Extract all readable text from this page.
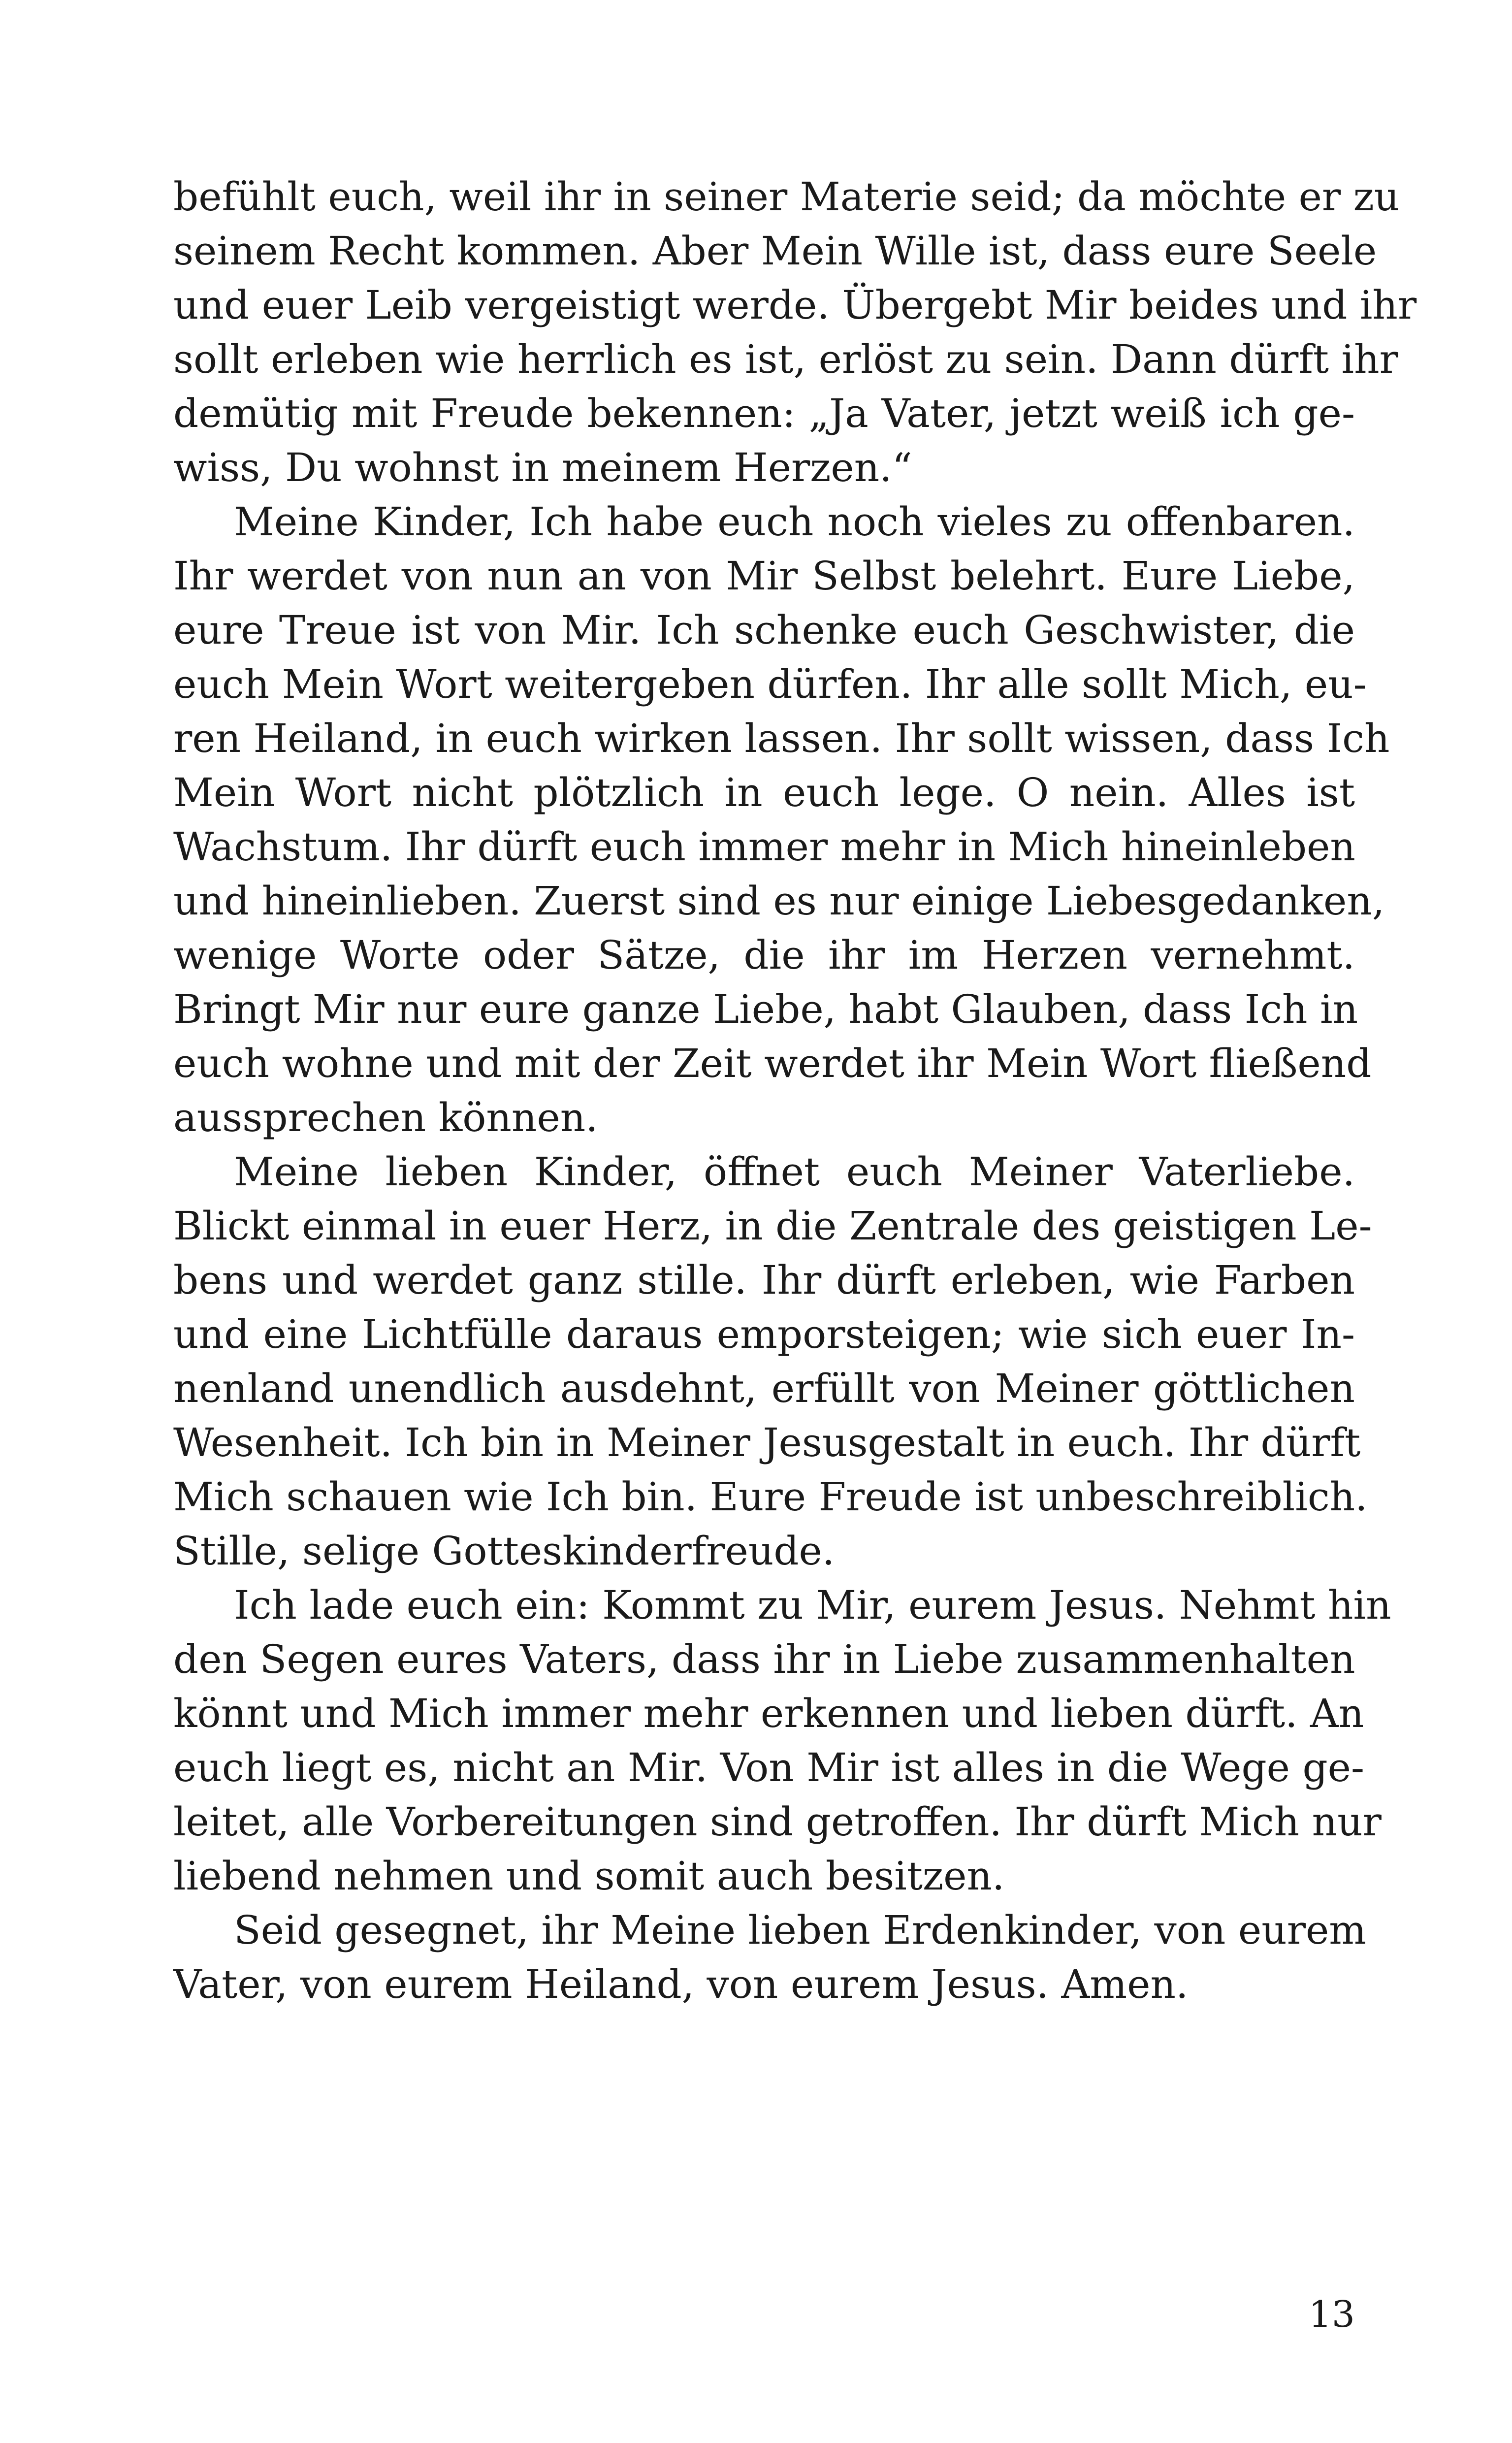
befühlt euch, weil ihr in seiner Materie seid; da möchte er zu
seinem Recht kommen. Aber Mein Wille ist, dass eure Seele
und euer Leib vergeistigt werde. Übergebt Mir beides und ihr
sollt erleben wie herrlich es ist, erlöst zu sein. Dann dürft ihr
demütig mit Freude bekennen: „Ja Vater, jetzt weiß ich ge-
wiss, Du wohnst in meinem Herzen.“
Meine Kinder, Ich habe euch noch vieles zu offenbaren.
Ihr werdet von nun an von Mir Selbst belehrt. Eure Liebe,
eure Treue ist von Mir. Ich schenke euch Geschwister, die
euch Mein Wort weitergeben dürfen. Ihr alle sollt Mich, eu-
ren Heiland, in euch wirken lassen. Ihr sollt wissen, dass Ich
Mein Wort nicht plötzlich in euch lege. O nein. Alles ist
Wachstum. Ihr dürft euch immer mehr in Mich hineinleben
und hineinlieben. Zuerst sind es nur einige Liebesgedanken,
wenige Worte oder Sätze, die ihr im Herzen vernehmt.
Bringt Mir nur eure ganze Liebe, habt Glauben, dass Ich in
euch wohne und mit der Zeit werdet ihr Mein Wort fließend
aussprechen können.
Meine lieben Kinder, öffnet euch Meiner Vaterliebe.
Blickt einmal in euer Herz, in die Zentrale des geistigen Le-
bens und werdet ganz stille. Ihr dürft erleben, wie Farben
und eine Lichtfülle daraus emporsteigen; wie sich euer In-
nenland unendlich ausdehnt, erfüllt von Meiner göttlichen
Wesenheit. Ich bin in Meiner Jesusgestalt in euch. Ihr dürft
Mich schauen wie Ich bin. Eure Freude ist unbeschreiblich.
Stille, selige Gotteskinderfreude.
Ich lade euch ein: Kommt zu Mir, eurem Jesus. Nehmt hin
den Segen eures Vaters, dass ihr in Liebe zusammenhalten
könnt und Mich immer mehr erkennen und lieben dürft. An
euch liegt es, nicht an Mir. Von Mir ist alles in die Wege ge-
leitet, alle Vorbereitungen sind getroffen. Ihr dürft Mich nur
liebend nehmen und somit auch besitzen.
Seid gesegnet, ihr Meine lieben Erdenkinder, von eurem
Vater, von eurem Heiland, von eurem Jesus. Amen.
13
